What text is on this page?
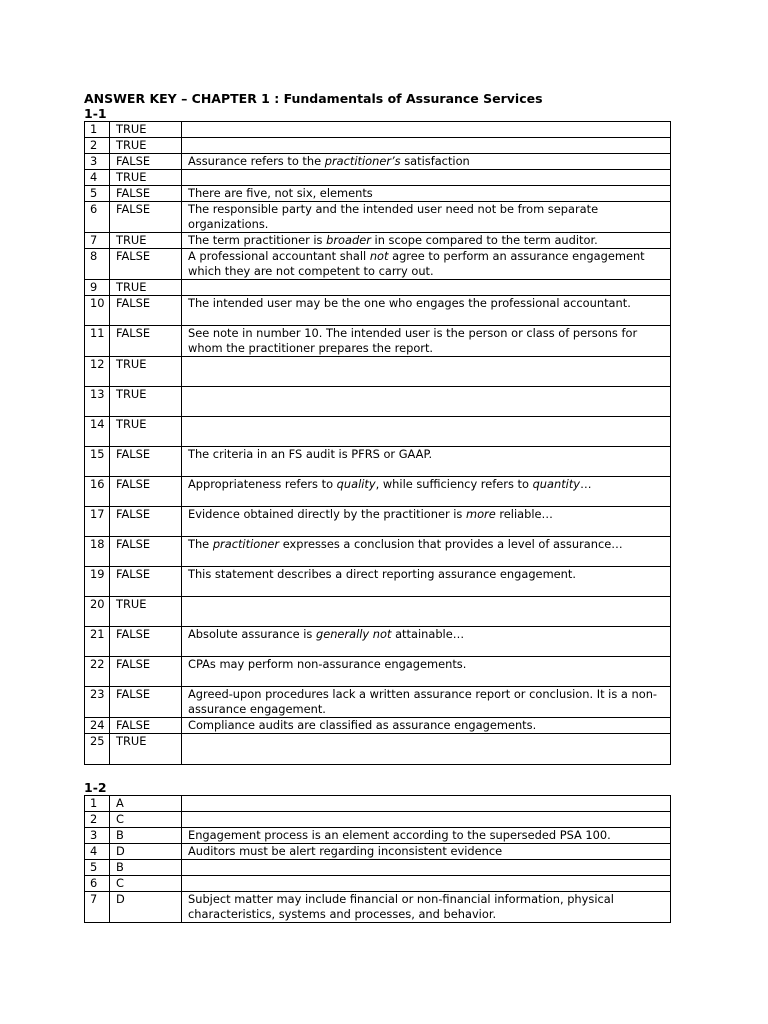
ANSWER KEY – CHAPTER 1 : Fundamentals of Assurance Services
1-1
1	TRUE	
2	TRUE	
3	FALSE	Assurance refers to the practitioner’s satisfaction
4	TRUE	
5	FALSE	There are five, not six, elements
6	FALSE	The responsible party and the intended user need not be from separate organizations.
7	TRUE	The term practitioner is broader in scope compared to the term auditor.
8	FALSE	A professional accountant shall not agree to perform an assurance engagement which they are not competent to carry out.
9	TRUE	
10	FALSE	The intended user may be the one who engages the professional accountant.
11	FALSE	See note in number 10. The intended user is the person or class of persons for whom the practitioner prepares the report.
12	TRUE	
13	TRUE	
14	TRUE	
15	FALSE	The criteria in an FS audit is PFRS or GAAP.
16	FALSE	Appropriateness refers to quality, while sufficiency refers to quantity…
17	FALSE	Evidence obtained directly by the practitioner is more reliable…
18	FALSE	The practitioner expresses a conclusion that provides a level of assurance…
19	FALSE	This statement describes a direct reporting assurance engagement.
20	TRUE	
21	FALSE	Absolute assurance is generally not attainable…
22	FALSE	CPAs may perform non-assurance engagements.
23	FALSE	Agreed-upon procedures lack a written assurance report or conclusion. It is a non-assurance engagement.
24	FALSE	Compliance audits are classified as assurance engagements.
25	TRUE	
1-2
1	A	
2	C	
3	B	Engagement process is an element according to the superseded PSA 100.
4	D	Auditors must be alert regarding inconsistent evidence
5	B	
6	C	
7	D	Subject matter may include financial or non-financial information, physical characteristics, systems and processes, and behavior.
